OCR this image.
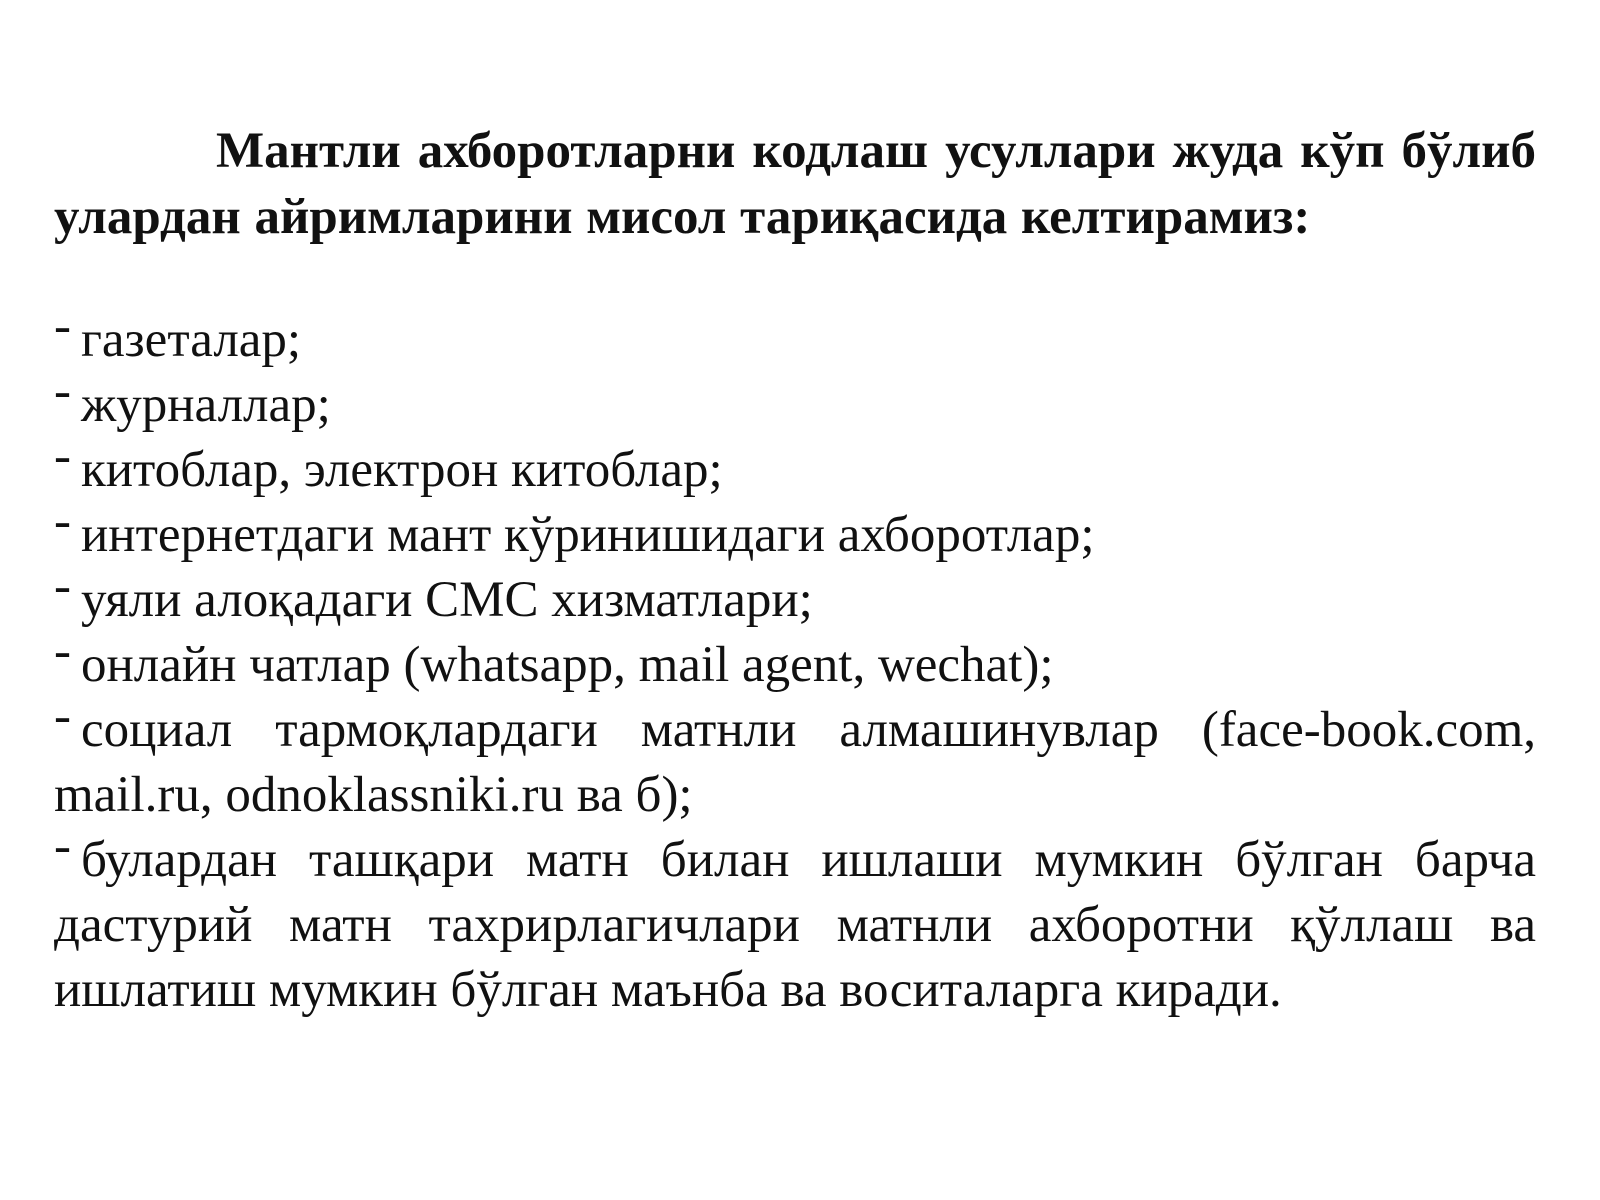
Мантли ахборотларни кодлаш усуллари жуда кўп бўлиб улардан айримларини мисол тариқасида келтирамиз:

- газеталар;
- журналлар;
- китоблар, электрон китоблар;
- интернетдаги мант кўринишидаги ахборотлар;
- уяли алоқадаги СМС хизматлари;
- онлайн чатлар (whatsapp, mail agent, wechat);
- социал тармоқлардаги матнли алмашинувлар (face-book.com, mail.ru, odnoklassniki.ru ва б);
- булардан ташқари матн билан ишлаши мумкин бўлган барча дастурий матн тахрирлагичлари матнли ахборотни қўллаш ва ишлатиш мумкин бўлган маънба ва воситаларга киради.
